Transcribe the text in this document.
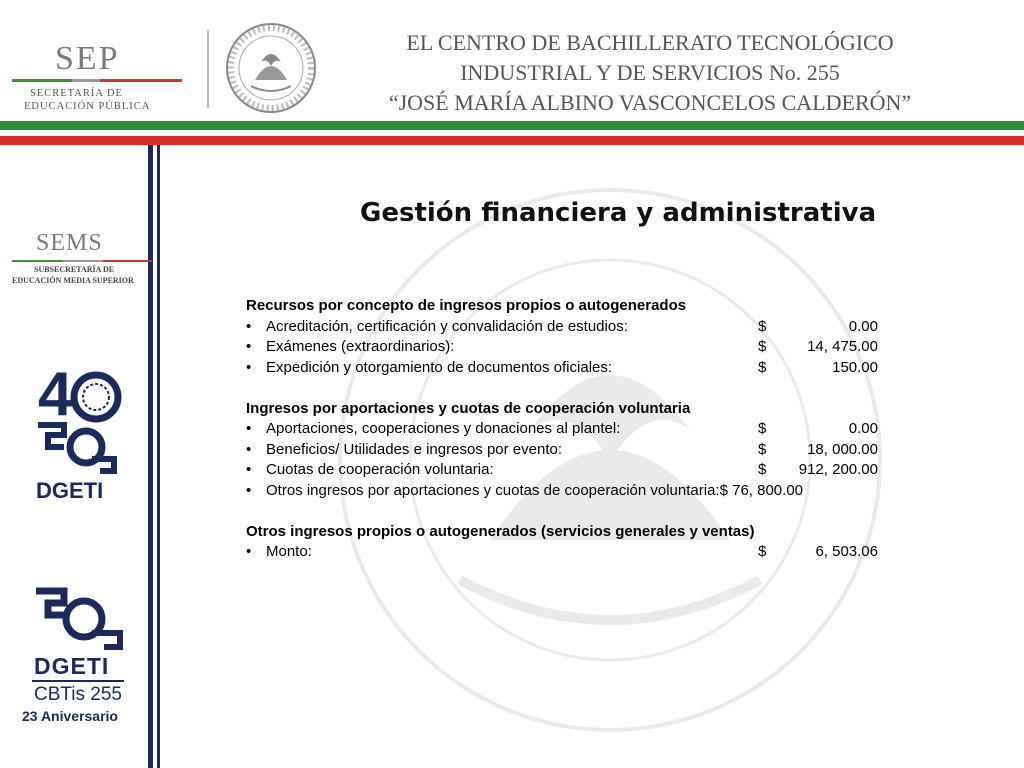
SEP
SECRETARÍA DE
EDUCACIÓN PÚBLICA
EL CENTRO DE BACHILLERATO TECNOLÓGICO
INDUSTRIAL Y DE SERVICIOS No. 255
“JOSÉ MARÍA ALBINO VASCONCELOS CALDERÓN”
SEMS
SUBSECRETARÍA DE
EDUCACIÓN MEDIA SUPERIOR
4
DGETI
DGETI
CBTis 255
23 Aniversario
Gestión financiera y administrativa
Recursos por concepto de ingresos propios o autogenerados
• Acreditación, certificación y convalidación de estudios:	$	0.00
• Exámenes (extraordinarios):	$	14, 475.00
• Expedición y otorgamiento de documentos oficiales:	$	150.00
Ingresos por aportaciones y cuotas de cooperación voluntaria
• Aportaciones, cooperaciones y donaciones al plantel:	$	0.00
• Beneficios/ Utilidades e ingresos por evento:	$	18, 000.00
• Cuotas de cooperación voluntaria:	$	912, 200.00
• Otros ingresos por aportaciones y cuotas de cooperación voluntaria:$ 76, 800.00
Otros ingresos propios o autogenerados (servicios generales y ventas)
• Monto:	$	6, 503.06
